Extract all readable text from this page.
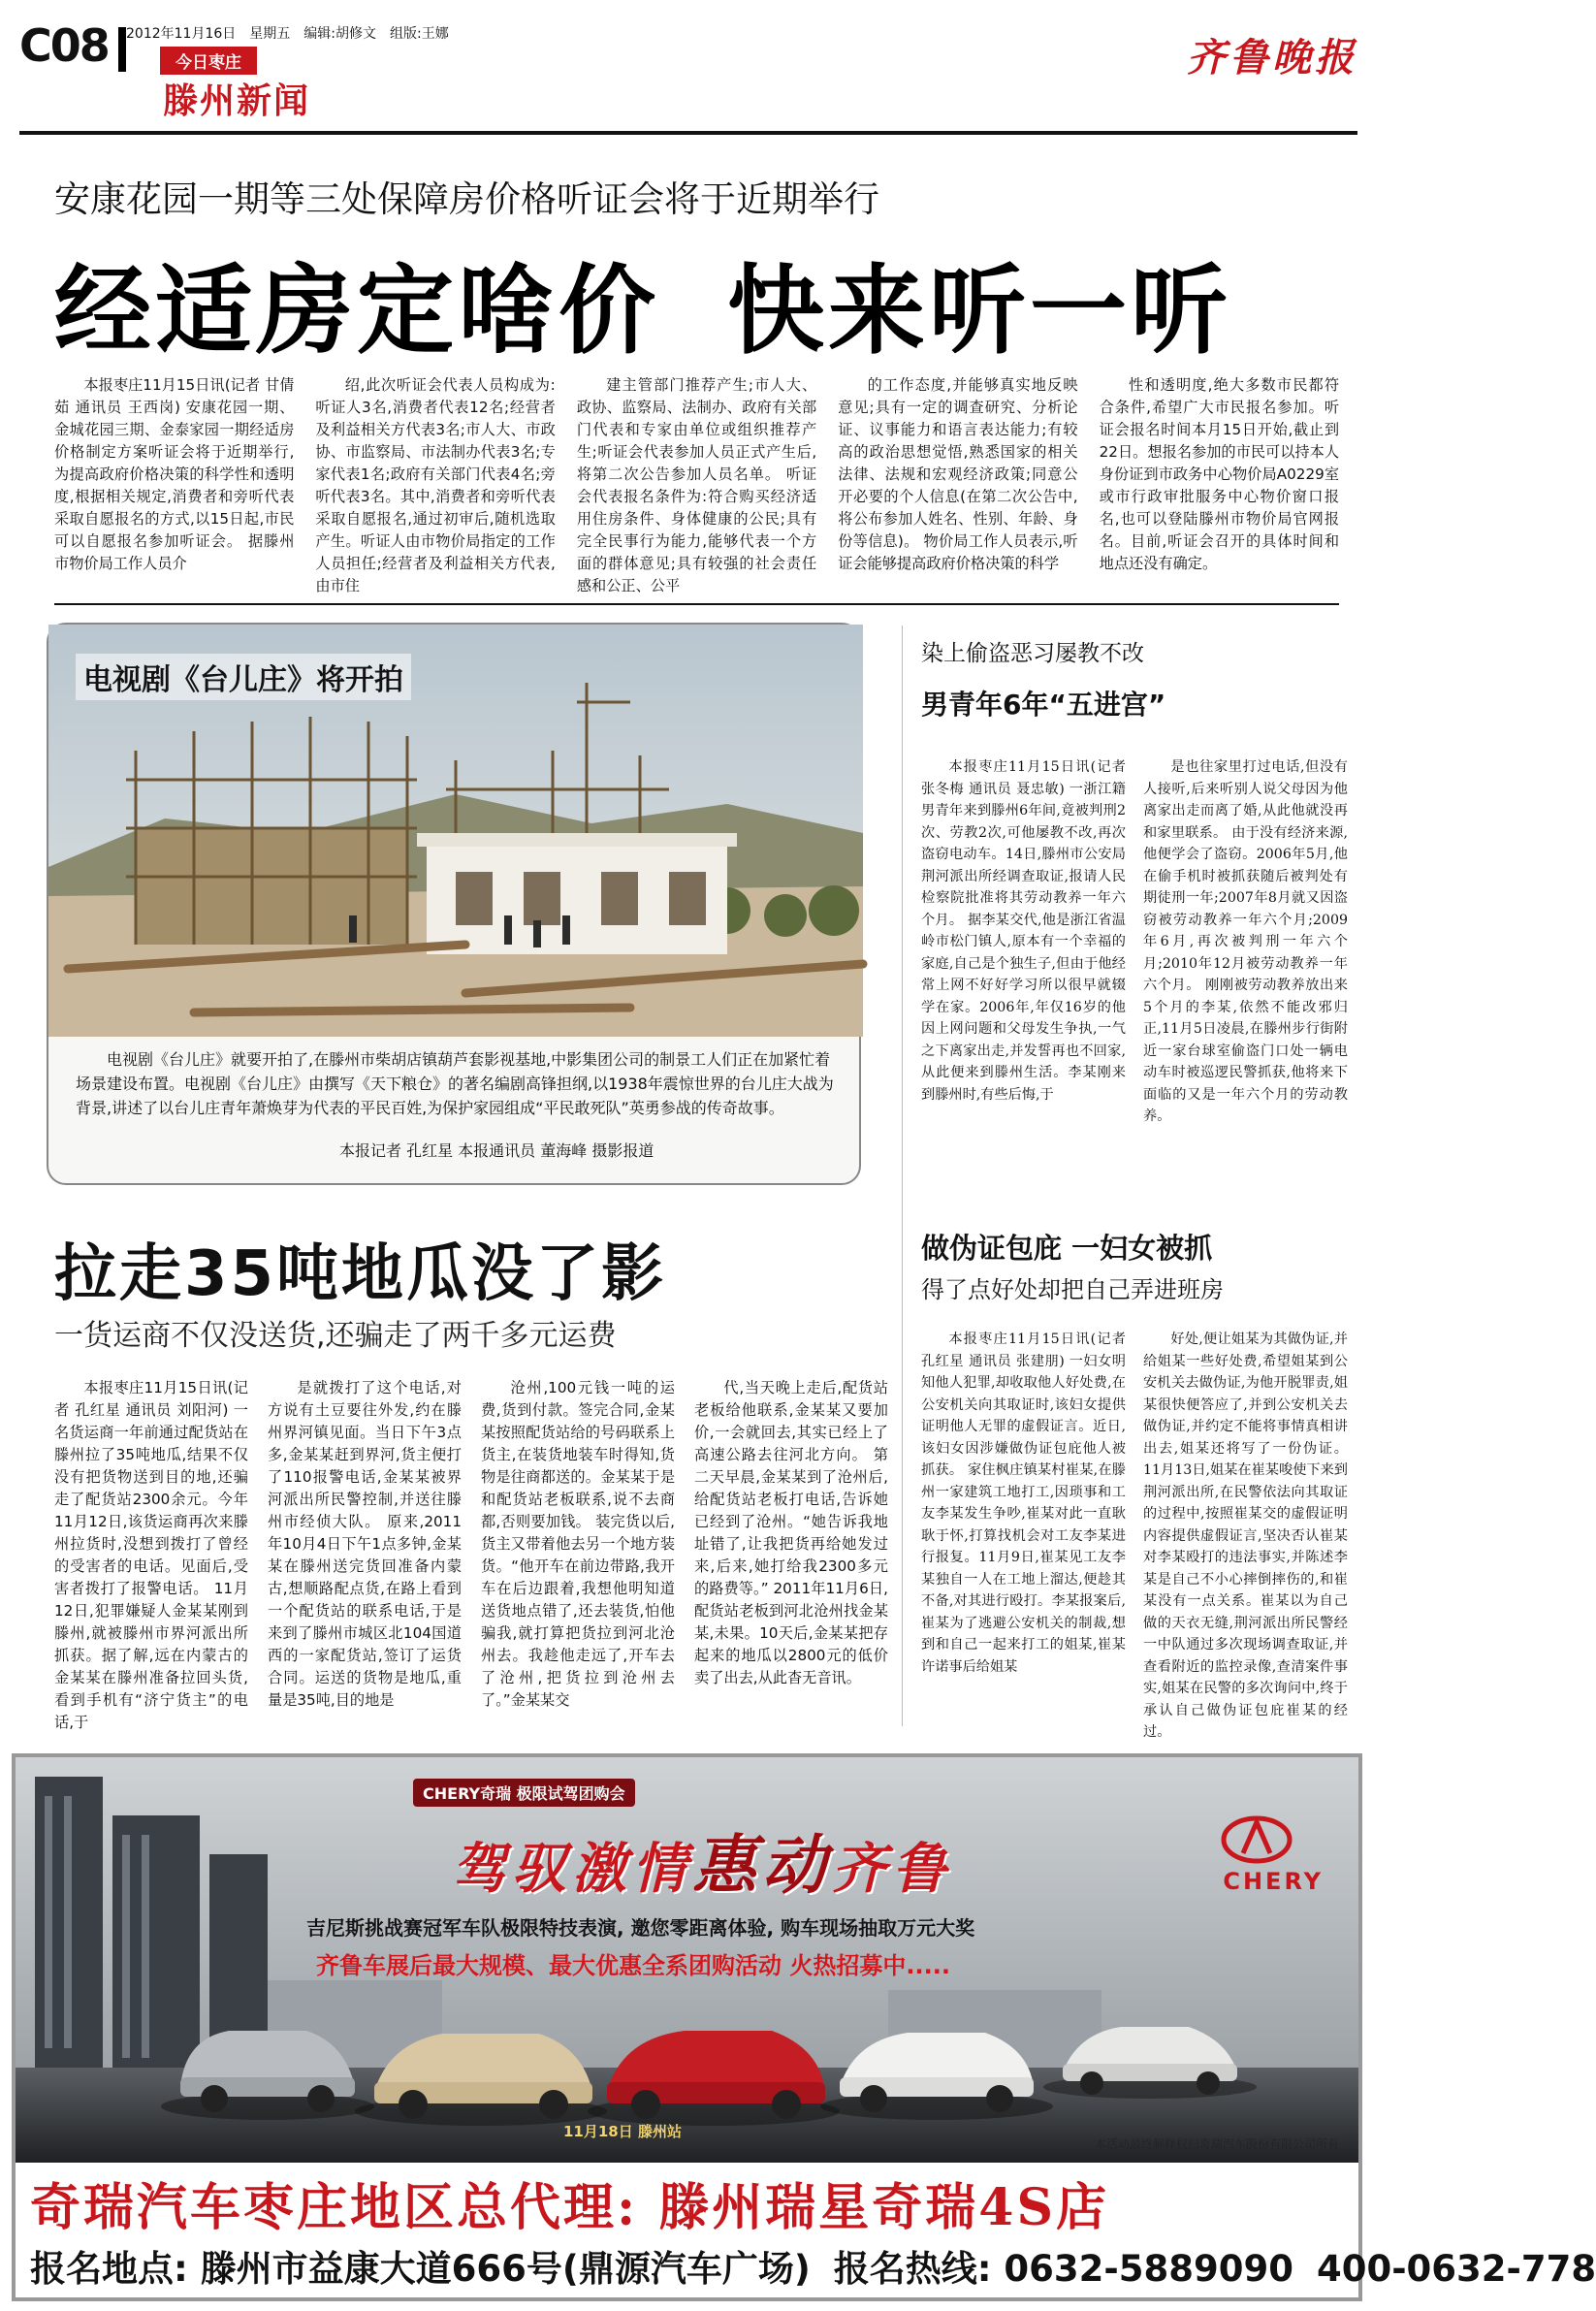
C08	2012年11月16日 星期五 编辑:胡修文 组版:王娜
今日枣庄
滕州新闻
齐鲁晚报
安康花园一期等三处保障房价格听证会将于近期举行
经适房定啥价 快来听一听

本报枣庄11月15日讯(记者 甘倩茹 通讯员 王西岗) 安康花园一期、金城花园三期、金泰家园一期经适房价格制定方案听证会将于近期举行,为提高政府价格决策的科学性和透明度,根据相关规定,消费者和旁听代表采取自愿报名的方式,以15日起,市民可以自愿报名参加听证会。 据滕州市物价局工作人员介

绍,此次听证会代表人员构成为:听证人3名,消费者代表12名;经营者及利益相关方代表3名;市人大、市政协、市监察局、市法制办代表3名;专家代表1名;政府有关部门代表4名;旁听代表3名。其中,消费者和旁听代表采取自愿报名,通过初审后,随机选取产生。听证人由市物价局指定的工作人员担任;经营者及利益相关方代表,由市住

建主管部门推荐产生;市人大、政协、监察局、法制办、政府有关部门代表和专家由单位或组织推荐产生;听证会代表参加人员正式产生后,将第二次公告参加人员名单。 听证会代表报名条件为:符合购买经济适用住房条件、身体健康的公民;具有完全民事行为能力,能够代表一个方面的群体意见;具有较强的社会责任感和公正、公平

的工作态度,并能够真实地反映意见;具有一定的调查研究、分析论证、议事能力和语言表达能力;有较高的政治思想觉悟,熟悉国家的相关法律、法规和宏观经济政策;同意公开必要的个人信息(在第二次公告中,将公布参加人姓名、性别、年龄、身份等信息)。 物价局工作人员表示,听证会能够提高政府价格决策的科学

性和透明度,绝大多数市民都符合条件,希望广大市民报名参加。听证会报名时间本月15日开始,截止到22日。想报名参加的市民可以持本人身份证到市政务中心物价局A0229室或市行政审批服务中心物价窗口报名,也可以登陆滕州市物价局官网报名。目前,听证会召开的具体时间和地点还没有确定。

电视剧《台儿庄》将开拍
电视剧《台儿庄》就要开拍了,在滕州市柴胡店镇葫芦套影视基地,中影集团公司的制景工人们正在加紧忙着场景建设布置。电视剧《台儿庄》由撰写《天下粮仓》的著名编剧高锋担纲,以1938年震惊世界的台儿庄大战为背景,讲述了以台儿庄青年萧焕芽为代表的平民百姓,为保护家园组成“平民敢死队”英勇参战的传奇故事。
本报记者 孔红星 本报通讯员 董海峰 摄影报道
染上偷盗恶习屡教不改
男青年6年“五进宫”

本报枣庄11月15日讯(记者 张冬梅 通讯员 聂忠敏) 一浙江籍男青年来到滕州6年间,竟被判刑2次、劳教2次,可他屡教不改,再次盗窃电动车。14日,滕州市公安局荆河派出所经调查取证,报请人民检察院批准将其劳动教养一年六个月。 据李某交代,他是浙江省温岭市松门镇人,原本有一个幸福的家庭,自己是个独生子,但由于他经常上网不好好学习所以很早就辍学在家。2006年,年仅16岁的他因上网问题和父母发生争执,一气之下离家出走,并发誓再也不回家,从此便来到滕州生活。李某刚来到滕州时,有些后悔,于

是也往家里打过电话,但没有人接听,后来听别人说父母因为他离家出走而离了婚,从此他就没再和家里联系。 由于没有经济来源,他便学会了盗窃。2006年5月,他在偷手机时被抓获随后被判处有期徒刑一年;2007年8月就又因盗窃被劳动教养一年六个月;2009年6月,再次被判刑一年六个月;2010年12月被劳动教养一年六个月。 刚刚被劳动教养放出来5个月的李某,依然不能改邪归正,11月5日凌晨,在滕州步行街附近一家台球室偷盗门口处一辆电动车时被巡逻民警抓获,他将来下面临的又是一年六个月的劳动教养。

做伪证包庇 一妇女被抓
得了点好处却把自己弄进班房

本报枣庄11月15日讯(记者 孔红星 通讯员 张建朋) 一妇女明知他人犯罪,却收取他人好处费,在公安机关向其取证时,该妇女提供证明他人无罪的虚假证言。近日,该妇女因涉嫌做伪证包庇他人被抓获。 家住枫庄镇某村崔某,在滕州一家建筑工地打工,因琐事和工友李某发生争吵,崔某对此一直耿耿于怀,打算找机会对工友李某进行报复。11月9日,崔某见工友李某独自一人在工地上溜达,便趁其不备,对其进行殴打。李某报案后,崔某为了逃避公安机关的制裁,想到和自己一起来打工的姐某,崔某许诺事后给姐某

好处,便让姐某为其做伪证,并给姐某一些好处费,希望姐某到公安机关去做伪证,为他开脱罪责,姐某很快便答应了,并到公安机关去做伪证,并约定不能将事情真相讲出去,姐某还将写了一份伪证。 11月13日,姐某在崔某唆使下来到荆河派出所,在民警依法向其取证的过程中,按照崔某交的虚假证明内容提供虚假证言,坚决否认崔某对李某殴打的违法事实,并陈述李某是自己不小心摔倒摔伤的,和崔某没有一点关系。崔某以为自己做的天衣无缝,荆河派出所民警经一中队通过多次现场调查取证,并查看附近的监控录像,查清案件事实,姐某在民警的多次询问中,终于承认自己做伪证包庇崔某的经过。

拉走35吨地瓜没了影
一货运商不仅没送货,还骗走了两千多元运费

本报枣庄11月15日讯(记者 孔红星 通讯员 刘阳河) 一名货运商一年前通过配货站在滕州拉了35吨地瓜,结果不仅没有把货物送到目的地,还骗走了配货站2300余元。今年11月12日,该货运商再次来滕州拉货时,没想到拨打了曾经的受害者的电话。见面后,受害者拨打了报警电话。 11月12日,犯罪嫌疑人金某某刚到滕州,就被滕州市界河派出所抓获。据了解,远在内蒙古的金某某在滕州准备拉回头货,看到手机有“济宁货主”的电话,于

是就拨打了这个电话,对方说有土豆要往外发,约在滕州界河镇见面。当日下午3点多,金某某赶到界河,货主便打了110报警电话,金某某被界河派出所民警控制,并送往滕州市经侦大队。 原来,2011年10月4日下午1点多钟,金某某在滕州送完货回准备内蒙古,想顺路配点货,在路上看到一个配货站的联系电话,于是来到了滕州市城区北104国道西的一家配货站,签订了运货合同。运送的货物是地瓜,重量是35吨,目的地是

沧州,100元钱一吨的运费,货到付款。签完合同,金某某按照配货站给的号码联系上货主,在装货地装车时得知,货物是往商都送的。金某某于是和配货站老板联系,说不去商都,否则要加钱。 装完货以后,货主又带着他去另一个地方装货。“他开车在前边带路,我开车在后边跟着,我想他明知道送货地点错了,还去装货,怕他骗我,就打算把货拉到河北沧州去。我趁他走远了,开车去了沧州,把货拉到沧州去了。”金某某交

代,当天晚上走后,配货站老板给他联系,金某某又要加价,一会就回去,其实已经上了高速公路去往河北方向。 第二天早晨,金某某到了沧州后,给配货站老板打电话,告诉她已经到了沧州。“她告诉我地址错了,让我把货再给她发过来,后来,她打给我2300多元的路费等。” 2011年11月6日,配货站老板到河北沧州找金某某,未果。10天后,金某某把存起来的地瓜以2800元的低价卖了出去,从此杳无音讯。

CHERY奇瑞 极限试驾团购会
驾驭激情惠动齐鲁	CHERY
吉尼斯挑战赛冠军车队极限特技表演, 邀您零距离体验, 购车现场抽取万元大奖
齐鲁车展后最大规模、最大优惠全系团购活动 火热招募中.....
11月18日 滕州站
本活动最终解释权归奇瑞汽车股份有限公司所有
奇瑞汽车枣庄地区总代理: 滕州瑞星奇瑞4S店
报名地点: 滕州市益康大道666号(鼎源汽车广场) 报名热线: 0632-5889090 400-0632-778
